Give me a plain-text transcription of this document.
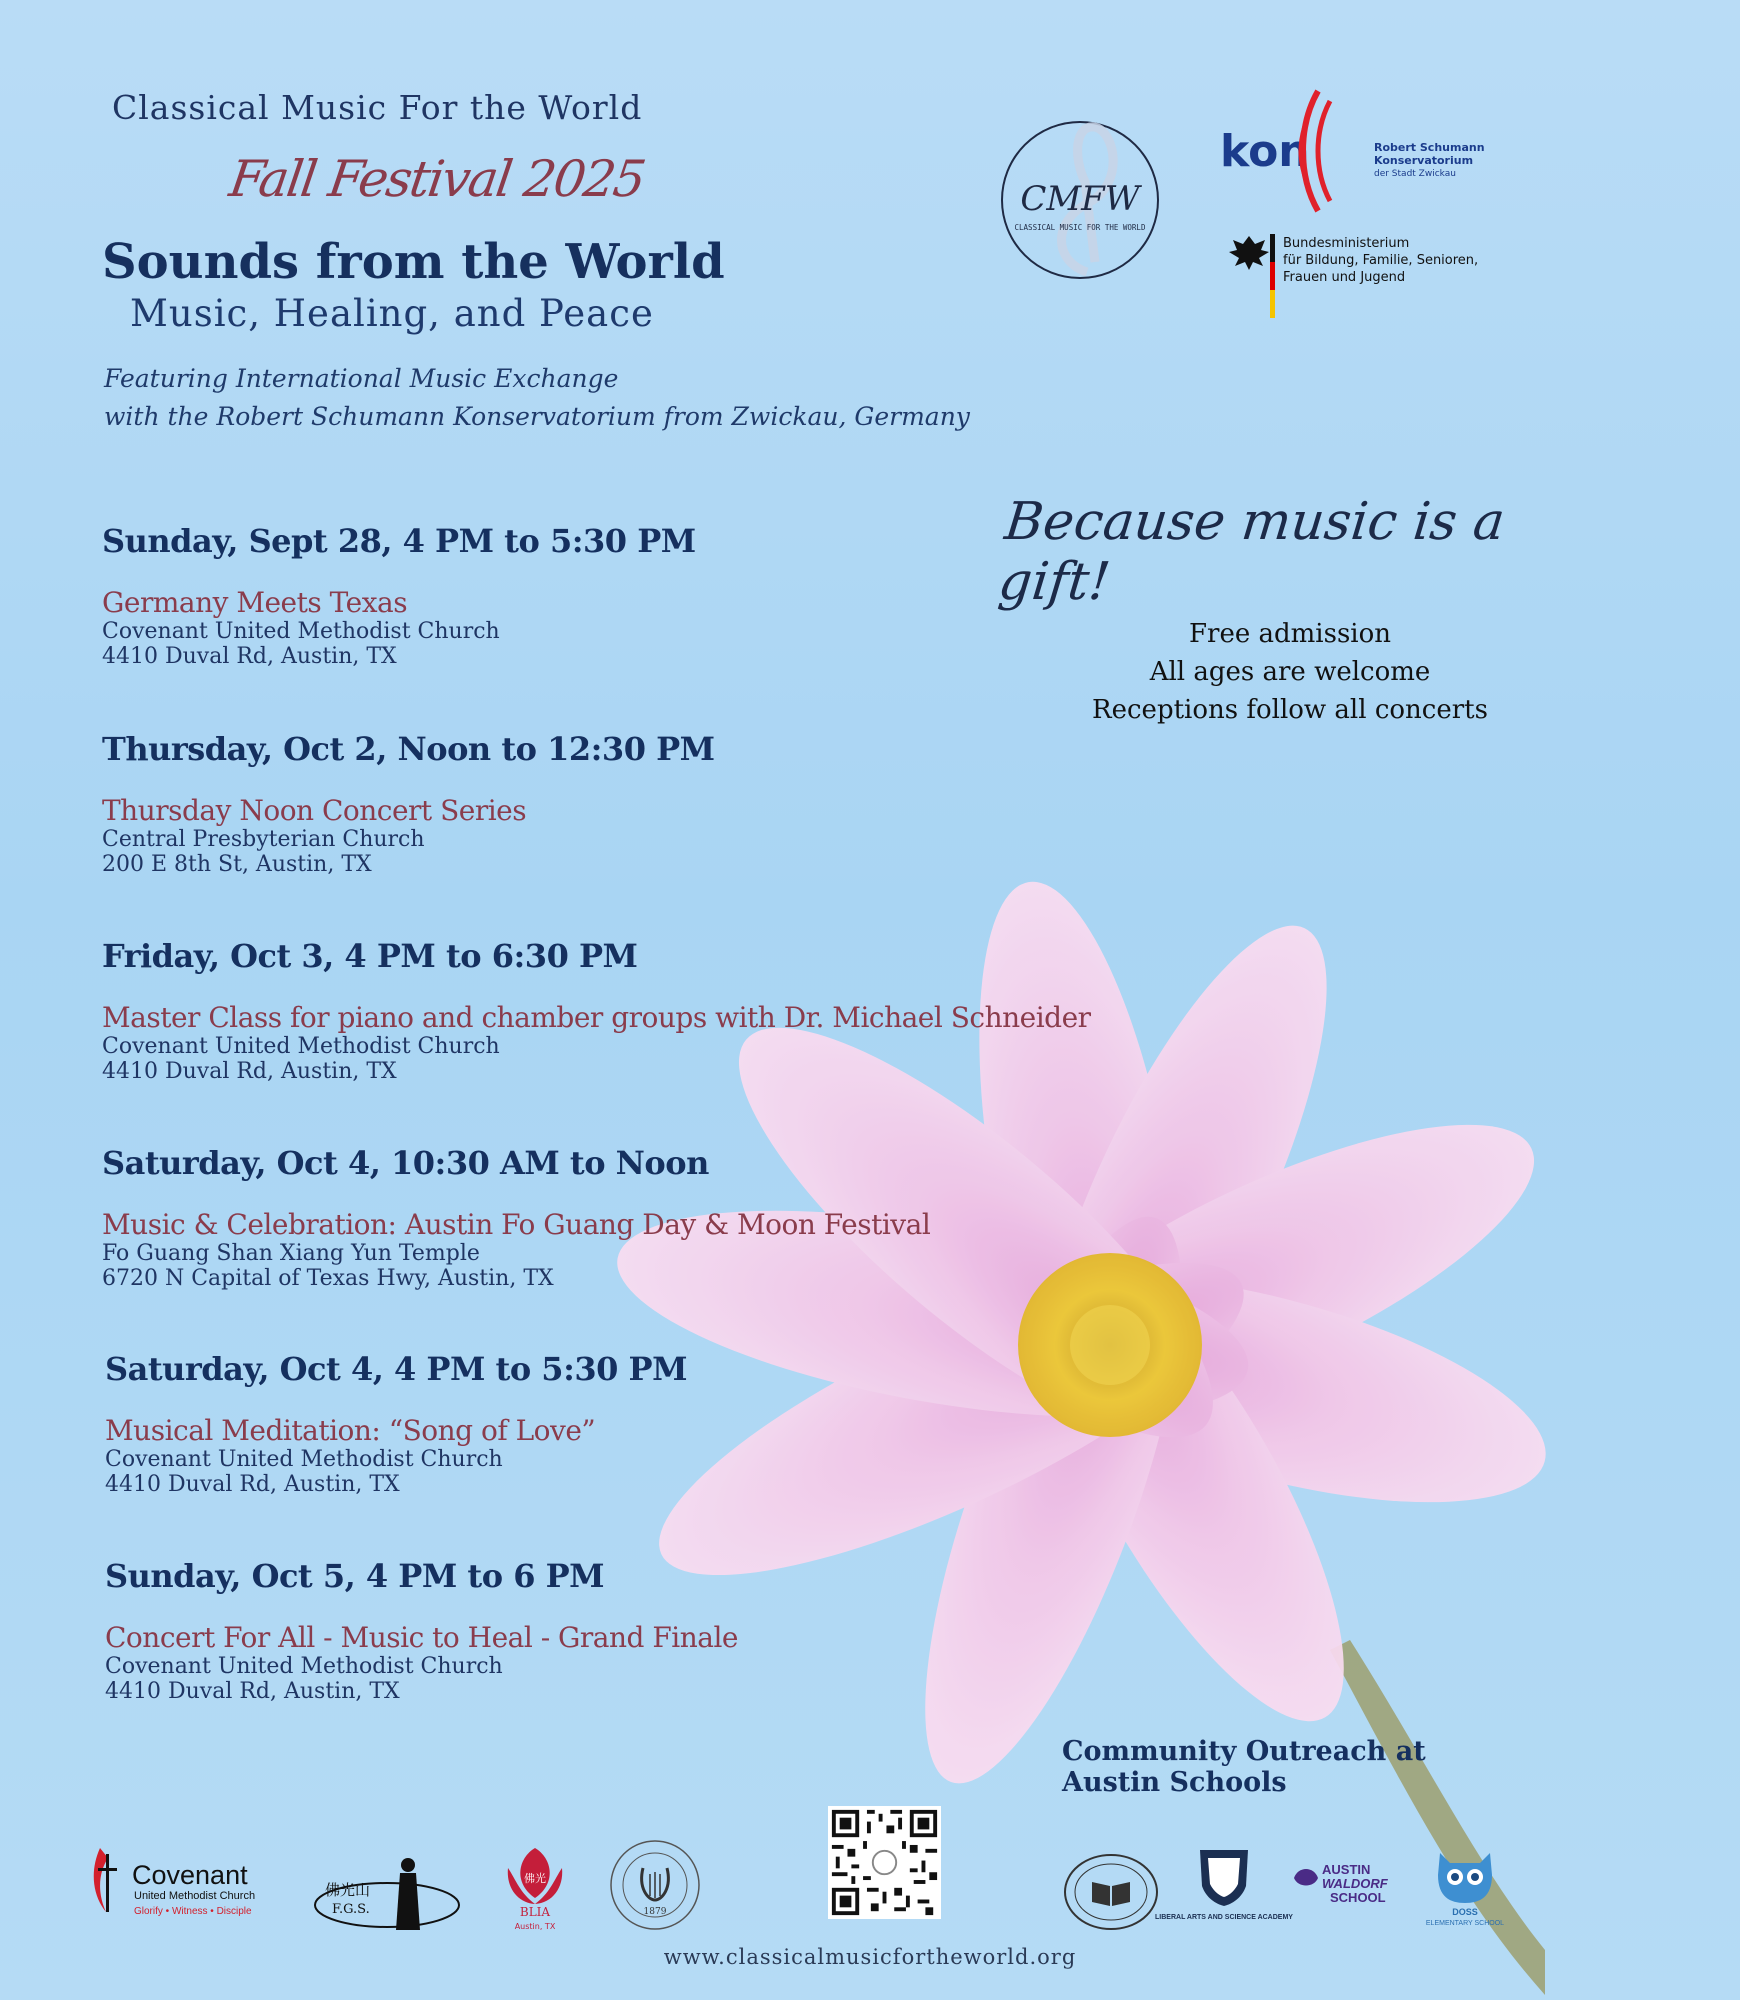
Classical Music For the World
Fall Festival 2025
Sounds from the World
Music, Healing, and Peace
Featuring International Music Exchange
with the Robert Schumann Konservatorium from Zwickau, Germany
CMFW
CLASSICAL MUSIC FOR THE WORLD
kon	Robert Schumann
Konservatorium
der Stadt Zwickau
Bundesministerium
für Bildung, Familie, Senioren,
Frauen und Jugend
Because music is a gift!
Free admission
All ages are welcome
Receptions follow all concerts
Sunday, Sept 28, 4 PM to 5:30 PM
Germany Meets Texas
Covenant United Methodist Church
4410 Duval Rd, Austin, TX
Thursday, Oct 2, Noon to 12:30 PM
Thursday Noon Concert Series
Central Presbyterian Church
200 E 8th St, Austin, TX
Friday, Oct 3, 4 PM to 6:30 PM
Master Class for piano and chamber groups with Dr. Michael Schneider
Covenant United Methodist Church
4410 Duval Rd, Austin, TX
Saturday, Oct 4, 10:30 AM to Noon
Music & Celebration: Austin Fo Guang Day & Moon Festival
Fo Guang Shan Xiang Yun Temple
6720 N Capital of Texas Hwy, Austin, TX
Saturday, Oct 4, 4 PM to 5:30 PM
Musical Meditation: “Song of Love”
Covenant United Methodist Church
4410 Duval Rd, Austin, TX
Sunday, Oct 5, 4 PM to 6 PM
Concert For All - Music to Heal - Grand Finale
Covenant United Methodist Church
4410 Duval Rd, Austin, TX
Community Outreach at
Austin Schools
Covenant
United Methodist Church
Glorify • Witness • Disciple
佛光山
F.G.S.
佛光
BLIA
Austin, TX
1879
LIBERAL ARTS AND SCIENCE ACADEMY
AUSTIN
WALDORF
SCHOOL
DOSS
ELEMENTARY SCHOOL
www.classicalmusicfortheworld.org
